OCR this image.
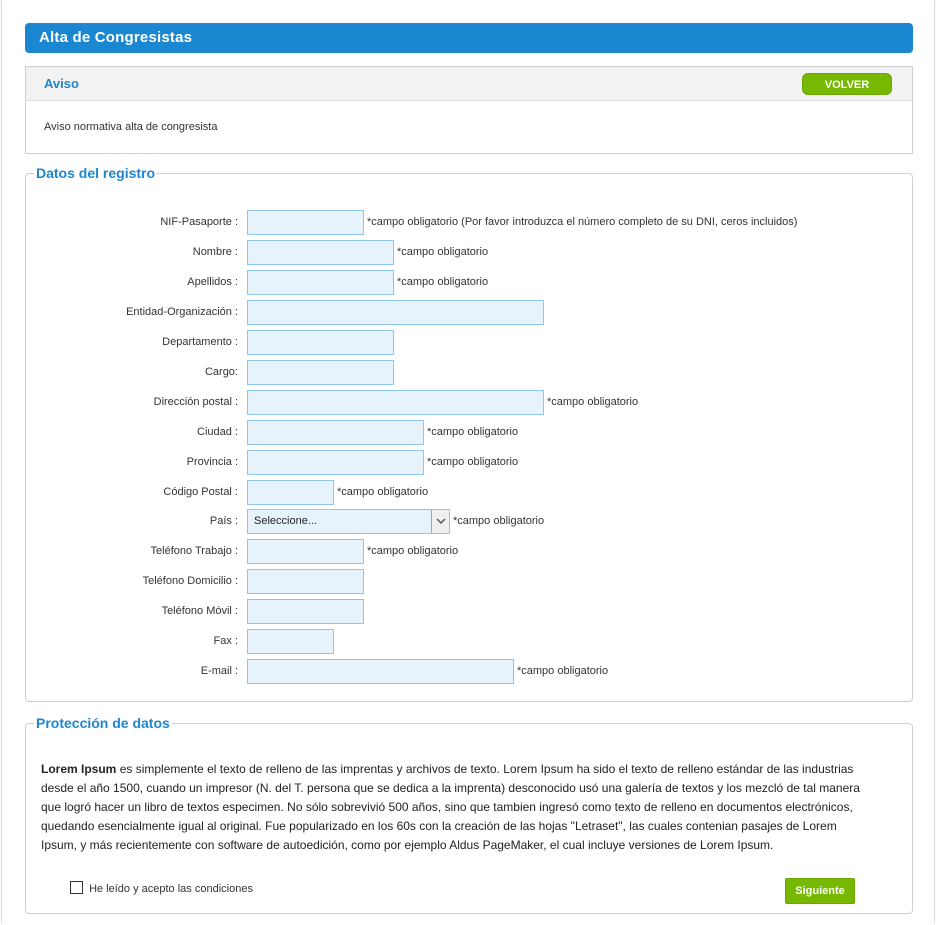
Alta de Congresistas
Aviso	VOLVER
Aviso normativa alta de congresista
Datos del registro
NIF-Pasaporte :	*campo obligatorio (Por favor introduzca el número completo de su DNI, ceros incluidos)
Nombre :	*campo obligatorio
Apellidos :	*campo obligatorio
Entidad-Organización :
Departamento :
Cargo:
Dirección postal :	*campo obligatorio
Ciudad :	*campo obligatorio
Provincia :	*campo obligatorio
Código Postal :	*campo obligatorio
País :	Seleccione...	*campo obligatorio
Teléfono Trabajo :	*campo obligatorio
Teléfono Domicilio :
Teléfono Móvil :
Fax :
E-mail :	*campo obligatorio
Protección de datos
Lorem Ipsum es simplemente el texto de relleno de las imprentas y archivos de texto. Lorem Ipsum ha sido el texto de relleno estándar de las industrias desde el año 1500, cuando un impresor (N. del T. persona que se dedica a la imprenta) desconocido usó una galería de textos y los mezcló de tal manera que logró hacer un libro de textos especimen. No sólo sobrevivió 500 años, sino que tambien ingresó como texto de relleno en documentos electrónicos, quedando esencialmente igual al original. Fue popularizado en los 60s con la creación de las hojas "Letraset", las cuales contenian pasajes de Lorem Ipsum, y más recientemente con software de autoedición, como por ejemplo Aldus PageMaker, el cual incluye versiones de Lorem Ipsum.
He leído y acepto las condiciones	Siguiente
